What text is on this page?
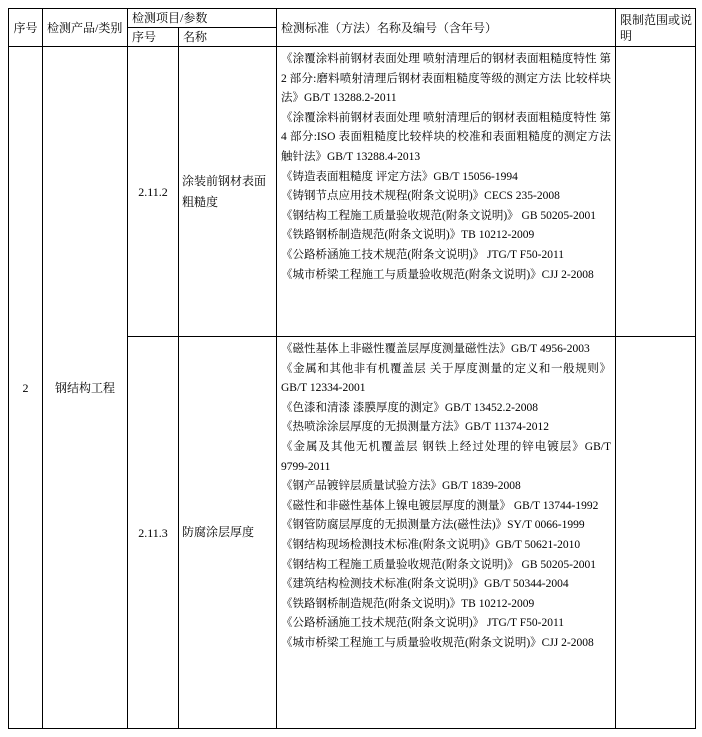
序号	检测产品/类别	检测项目/参数		检测标准（方法）名称及编号（含年号）	限制范围或说明
		序号	名称		
2	钢结构工程	2.11.2	涂装前钢材表面粗糙度	

《涂覆涂料前钢材表面处理 喷射清理后的钢材表面粗糙度特性 第 2 部分:磨料喷射清理后钢材表面粗糙度等级的测定方法 比较样块法》GB/T 13288.2-2011

《涂覆涂料前钢材表面处理 喷射清理后的钢材表面粗糙度特性 第 4 部分:ISO 表面粗糙度比较样块的校准和表面粗糙度的测定方法 触针法》GB/T 13288.4-2013

《铸造表面粗糙度 评定方法》GB/T 15056-1994

《铸钢节点应用技术规程(附条文说明)》CECS 235-2008

《钢结构工程施工质量验收规范(附条文说明)》 GB 50205-2001

《铁路钢桥制造规范(附条文说明)》TB 10212-2009

《公路桥涵施工技术规范(附条文说明)》 JTG/T F50-2011

《城市桥梁工程施工与质量验收规范(附条文说明)》CJJ 2-2008

2.11.3	防腐涂层厚度	

《磁性基体上非磁性覆盖层厚度测量磁性法》GB/T 4956-2003

《金属和其他非有机覆盖层 关于厚度测量的定义和一般规则》GB/T 12334-2001

《色漆和清漆 漆膜厚度的测定》GB/T 13452.2-2008

《热喷涂涂层厚度的无损测量方法》GB/T 11374-2012

《金属及其他无机覆盖层 钢铁上经过处理的锌电镀层》GB/T 9799-2011

《钢产品镀锌层质量试验方法》GB/T 1839-2008

《磁性和非磁性基体上镍电镀层厚度的测量》 GB/T 13744-1992

《钢管防腐层厚度的无损测量方法(磁性法)》SY/T 0066-1999

《钢结构现场检测技术标准(附条文说明)》GB/T 50621-2010

《钢结构工程施工质量验收规范(附条文说明)》 GB 50205-2001

《建筑结构检测技术标准(附条文说明)》GB/T 50344-2004

《铁路钢桥制造规范(附条文说明)》TB 10212-2009

《公路桥涵施工技术规范(附条文说明)》 JTG/T F50-2011

《城市桥梁工程施工与质量验收规范(附条文说明)》CJJ 2-2008
